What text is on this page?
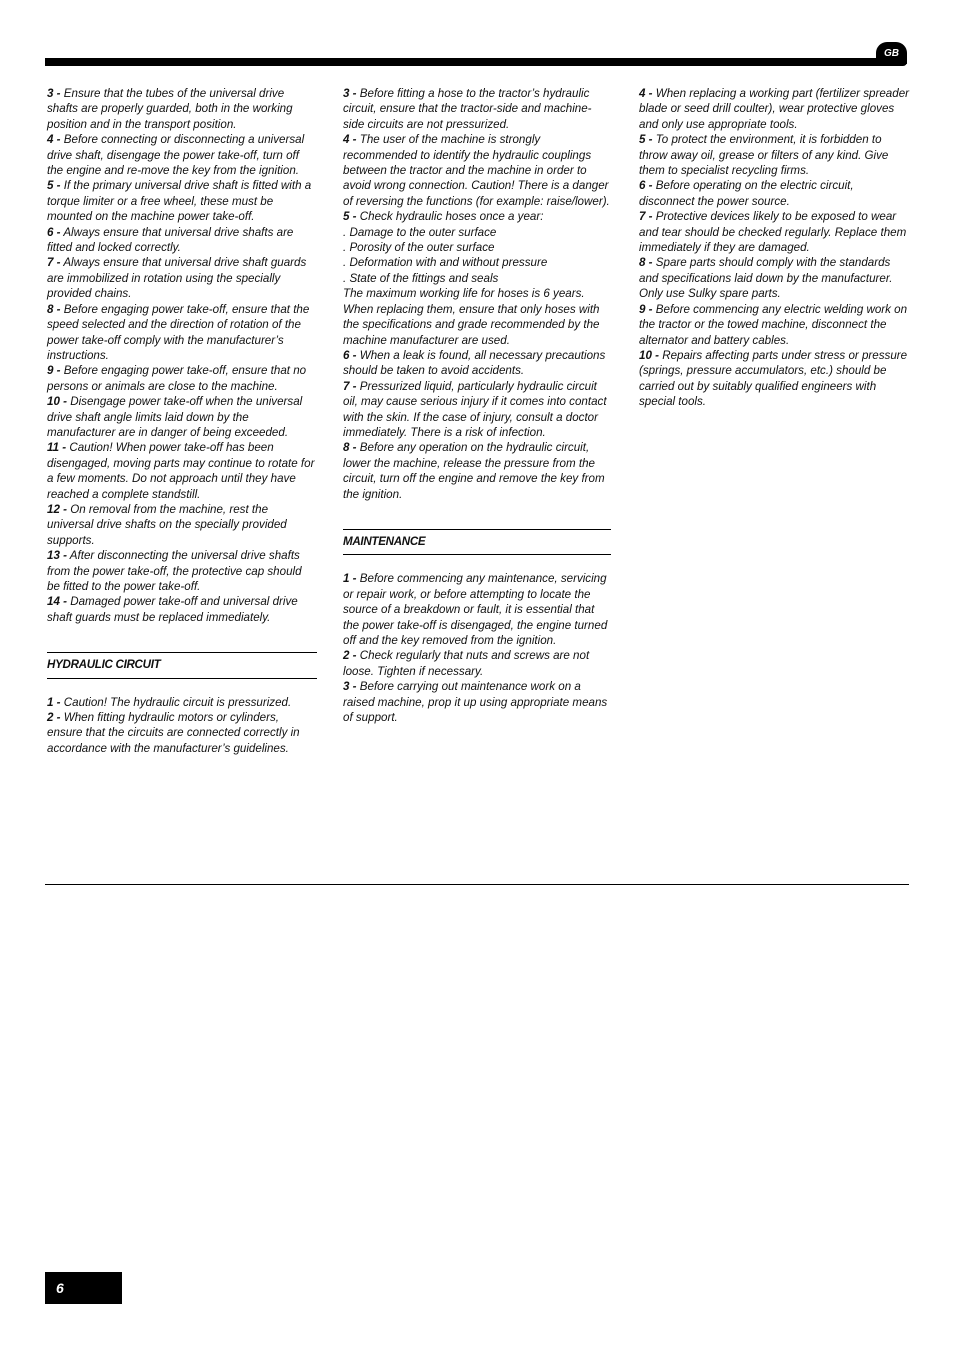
GB

3 - Ensure that the tubes of the universal drive shafts are properly guarded, both in the working position and in the transport position.

4 - Before connecting or disconnecting a universal drive shaft, disengage the power take-off, turn off the engine and re-move the key from the ignition.

5 - If the primary universal drive shaft is fitted with a torque limiter or a free wheel, these must be mounted on the machine power take-off.

6 - Always ensure that universal drive shafts are fitted and locked correctly.

7 - Always ensure that universal drive shaft guards are immobilized in rotation using the specially provided chains.

8 - Before engaging power take-off, ensure that the speed selected and the direction of rotation of the power take-off comply with the manufacturer’s instructions.

9 - Before engaging power take-off, ensure that no persons or animals are close to the machine.

10 - Disengage power take-off when the universal drive shaft angle limits laid down by the manufacturer are in danger of being exceeded.

11 - Caution! When power take-off has been disengaged, moving parts may continue to rotate for a few moments. Do not approach until they have reached a complete standstill.

12 - On removal from the machine, rest the universal drive shafts on the specially provided supports.

13 - After disconnecting the universal drive shafts from the power take-off, the protective cap should be fitted to the power take-off.

14 - Damaged power take-off and universal drive shaft guards must be replaced immediately.

HYDRAULIC CIRCUIT

1 - Caution! The hydraulic circuit is pressurized.

2 - When fitting hydraulic motors or cylinders, ensure that the circuits are connected correctly in accordance with the manufacturer’s guidelines.

3 - Before fitting a hose to the tractor’s hydraulic circuit, ensure that the tractor-side and machine-side circuits are not pressurized.

4 - The user of the machine is strongly recommended to identify the hydraulic couplings between the tractor and the machine in order to avoid wrong connection. Caution! There is a danger of reversing the functions (for example: raise/lower).

5 - Check hydraulic hoses once a year:

. Damage to the outer surface

. Porosity of the outer surface

. Deformation with and without pressure

. State of the fittings and seals

The maximum working life for hoses is 6 years. When replacing them, ensure that only hoses with the specifications and grade recommended by the machine manufacturer are used.

6 - When a leak is found, all necessary precautions should be taken to avoid accidents.

7 - Pressurized liquid, particularly hydraulic circuit oil, may cause serious injury if it comes into contact with the skin. If the case of injury, consult a doctor immediately. There is a risk of infection.

8 - Before any operation on the hydraulic circuit, lower the machine, release the pressure from the circuit, turn off the engine and remove the key from the ignition.

MAINTENANCE

1 - Before commencing any maintenance, servicing or repair work, or before attempting to locate the source of a breakdown or fault, it is essential that the power take-off is disengaged, the engine turned off and the key removed from the ignition.

2 - Check regularly that nuts and screws are not loose. Tighten if necessary.

3 - Before carrying out maintenance work on a raised machine, prop it up using appropriate means of support.

4 - When replacing a working part (fertilizer spreader blade or seed drill coulter), wear protective gloves and only use appropriate tools.

5 - To protect the environment, it is forbidden to throw away oil, grease or filters of any kind. Give them to specialist recycling firms.

6 - Before operating on the electric circuit, disconnect the power source.

7 - Protective devices likely to be exposed to wear and tear should be checked regularly. Replace them immediately if they are damaged.

8 - Spare parts should comply with the standards and specifications laid down by the manufacturer. Only use Sulky spare parts.

9 - Before commencing any electric welding work on the tractor or the towed machine, disconnect the alternator and battery cables.

10 - Repairs affecting parts under stress or pressure (springs, pressure accumulators, etc.) should be carried out by suitably qualified engineers with special tools.

6
